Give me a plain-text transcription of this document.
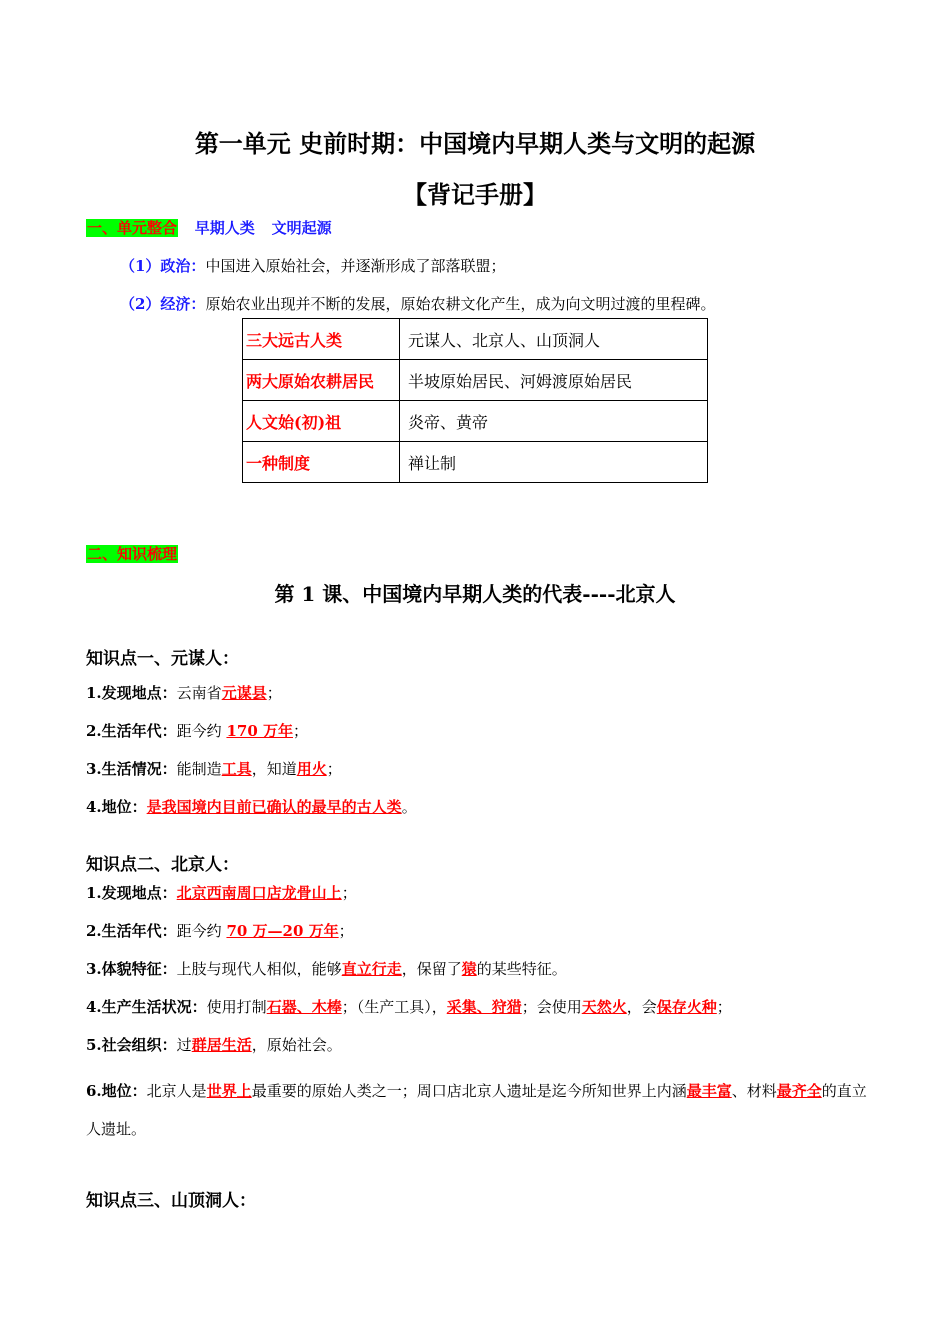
第一单元 史前时期：中国境内早期人类与文明的起源
【背记手册】
一、单元整合 早期人类 文明起源
（1）政治：中国进入原始社会，并逐渐形成了部落联盟；
（2）经济：原始农业出现并不断的发展，原始农耕文化产生，成为向文明过渡的里程碑。
三大远古人类	元谋人、北京人、山顶洞人
两大原始农耕居民	半坡原始居民、河姆渡原始居民
人文始(初)祖	炎帝、黄帝
一种制度	禅让制
二、知识梳理
第 1 课、中国境内早期人类的代表----北京人
知识点一、元谋人：
1.发现地点：云南省元谋县；
2.生活年代：距今约 170 万年；
3.生活情况：能制造工具，知道用火；
4.地位：是我国境内目前已确认的最早的古人类。
知识点二、北京人：
1.发现地点：北京西南周口店龙骨山上；
2.生活年代：距今约 70 万—20 万年；
3.体貌特征：上肢与现代人相似，能够直立行走，保留了猿的某些特征。
4.生产生活状况：使用打制石器、木棒；（生产工具），采集、狩猎；会使用天然火，会保存火种；
5.社会组织：过群居生活，原始社会。
6.地位：北京人是世界上最重要的原始人类之一；周口店北京人遗址是迄今所知世界上内涵最丰富、材料最齐全的直立人遗址。
知识点三、山顶洞人：
